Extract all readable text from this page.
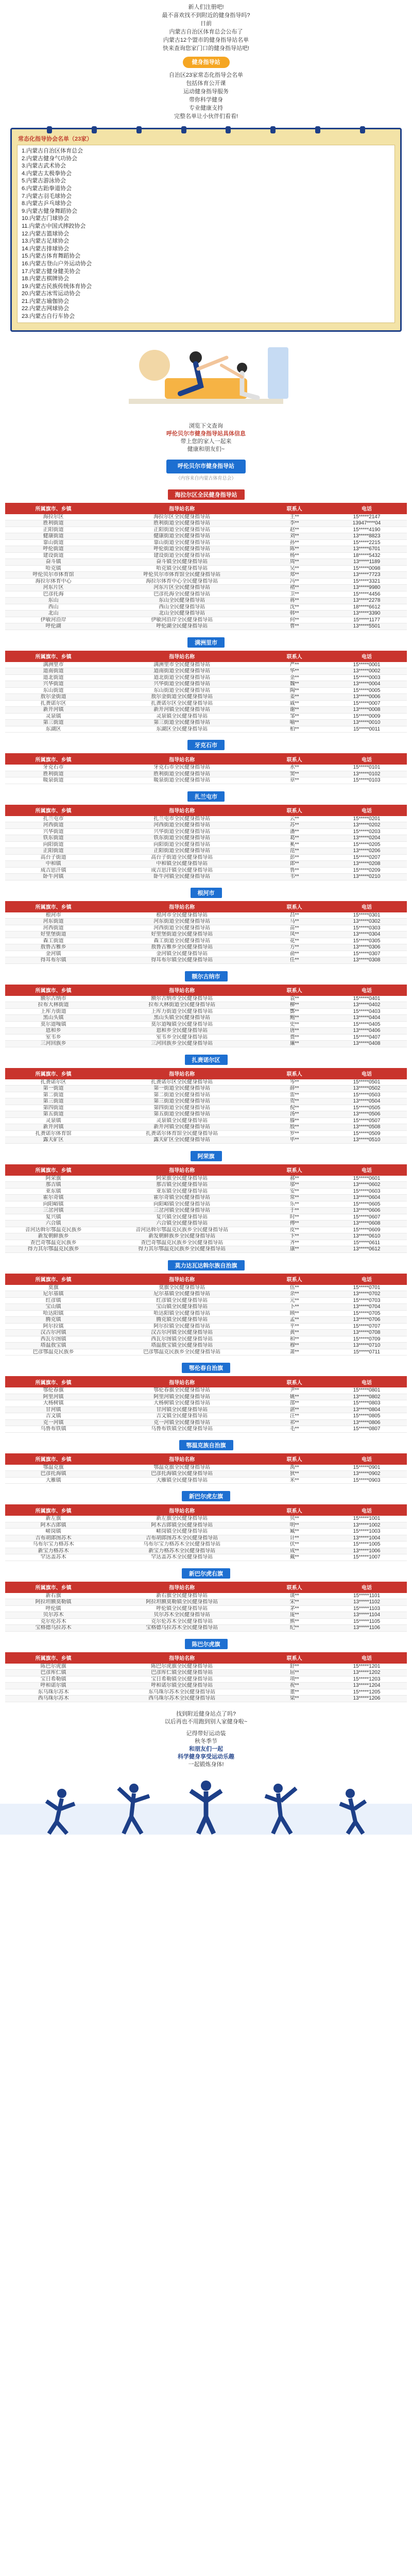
新人们注册吧!

最不喜欢找不到附近的健身指导吗?

日前

内蒙古自治区体育总会公布了

内蒙古12个盟市的健身指导站名单

快来查询您家门口的健身指导站吧!

健身指导站

自治区23家常态化指导会名单

包括体育公开课

运动健身指导服务

带你科学健身

专业健康支持

完整名单让小伙伴们看看!

常态化指导协会名单（23家）
1.内蒙古自治区体育总会
2.内蒙古健身气功协会
3.内蒙古武术协会
4.内蒙古太极拳协会
5.内蒙古游泳协会
6.内蒙古跆拳道协会
7.内蒙古羽毛球协会
8.内蒙古乒乓球协会
9.内蒙古健身舞蹈协会
10.内蒙古门球协会
11.内蒙古中国式摔跤协会
12.内蒙古篮球协会
13.内蒙古足球协会
14.内蒙古排球协会
15.内蒙古体育舞蹈协会
16.内蒙古登山户外运动协会
17.内蒙古健身健美协会
18.内蒙古棋牌协会
19.内蒙古民族传统体育协会
20.内蒙古冰雪运动协会
21.内蒙古瑜伽协会
22.内蒙古网球协会
23.内蒙古自行车协会
浏览下文查询
呼伦贝尔市健身指导站具体信息
带上您的家人一起来
健康和朋友们~
呼伦贝尔市健身指导站
（内容来自内蒙古体育总会）
海拉尔区全民健身指导站
所属旗市、乡镇	指导站名称	联系人	电话
海拉尔区	海拉尔区全民健身指导站	王**	15*****2147
胜利街道	胜利街道全民健身指导站	李**	13947****04
正阳街道	正阳街道全民健身指导站	赵**	15*****4190
健康街道	健康街道全民健身指导站	刘**	13*****8823
靠山街道	靠山街道全民健身指导站	孙**	15*****2215
呼伦街道	呼伦街道全民健身指导站	陈**	13*****6701
建设街道	建设街道全民健身指导站	杨**	18*****5432
奋斗镇	奋斗镇全民健身指导站	周**	13*****1189
哈克镇	哈克镇全民健身指导站	吴**	15*****0098
呼伦贝尔市体育馆	呼伦贝尔市体育馆全民健身指导站	郑**	13*****7723
海拉尔体育中心	海拉尔体育中心全民健身指导站	冯**	15*****3321
河东片区	河东片区全民健身指导站	褚**	13*****9980
巴彦托海	巴彦托海全民健身指导站	卫**	15*****4456
东山	东山全民健身指导站	蒋**	13*****2278
西山	西山全民健身指导站	沈**	18*****6612
北山	北山全民健身指导站	韩**	13*****3390
伊敏河沿岸	伊敏河沿岸全民健身指导站	何**	15*****1177
呼伦湖	呼伦湖全民健身指导站	曹**	13*****5501
满洲里市
所属旗市、乡镇	指导站名称	联系人	电话
满洲里市	满洲里市全民健身指导站	严**	15*****0001
道南街道	道南街道全民健身指导站	华**	13*****0002
道北街道	道北街道全民健身指导站	金**	15*****0003
兴华街道	兴华街道全民健身指导站	魏**	13*****0004
东山街道	东山街道全民健身指导站	陶**	15*****0005
敖尔金街道	敖尔金街道全民健身指导站	姜**	13*****0006
扎赉诺尔区	扎赉诺尔区全民健身指导站	戚**	15*****0007
新开河镇	新开河镇全民健身指导站	谢**	13*****0008
灵泉镇	灵泉镇全民健身指导站	邹**	15*****0009
第三街道	第三街道全民健身指导站	喻**	13*****0010
东湖区	东湖区全民健身指导站	柏**	15*****0011
牙克石市
所属旗市、乡镇	指导站名称	联系人	电话
牙克石市	牙克石市全民健身指导站	水**	15*****0101
胜利街道	胜利街道全民健身指导站	窦**	13*****0102
暖泉街道	暖泉街道全民健身指导站	章**	15*****0103
扎兰屯市
所属旗市、乡镇	指导站名称	联系人	电话
扎兰屯市	扎兰屯市全民健身指导站	云**	15*****0201
河西街道	河西街道全民健身指导站	苏**	13*****0202
兴华街道	兴华街道全民健身指导站	潘**	15*****0203
铁东街道	铁东街道全民健身指导站	葛**	13*****0204
向阳街道	向阳街道全民健身指导站	奚**	15*****0205
正阳街道	正阳街道全民健身指导站	范**	13*****0206
高台子街道	高台子街道全民健身指导站	彭**	15*****0207
中和镇	中和镇全民健身指导站	郎**	13*****0208
成吉思汗镇	成吉思汗镇全民健身指导站	鲁**	15*****0209
卧牛河镇	卧牛河镇全民健身指导站	韦**	13*****0210
根河市
所属旗市、乡镇	指导站名称	联系人	电话
根河市	根河市全民健身指导站	昌**	15*****0301
河东街道	河东街道全民健身指导站	马**	13*****0302
河西街道	河西街道全民健身指导站	苗**	15*****0303
好里堡街道	好里堡街道全民健身指导站	凤**	13*****0304
森工街道	森工街道全民健身指导站	花**	15*****0305
敖鲁古雅乡	敖鲁古雅乡全民健身指导站	方**	13*****0306
金河镇	金河镇全民健身指导站	俞**	15*****0307
得耳布尔镇	得耳布尔镇全民健身指导站	任**	13*****0308
额尔古纳市
所属旗市、乡镇	指导站名称	联系人	电话
额尔古纳市	额尔古纳市全民健身指导站	袁**	15*****0401
拉布大林街道	拉布大林街道全民健身指导站	柳**	13*****0402
上库力街道	上库力街道全民健身指导站	酆**	15*****0403
黑山头镇	黑山头镇全民健身指导站	鲍**	13*****0404
莫尔道嘎镇	莫尔道嘎镇全民健身指导站	史**	15*****0405
恩和乡	恩和乡全民健身指导站	唐**	13*****0406
室韦乡	室韦乡全民健身指导站	费**	15*****0407
三河回族乡	三河回族乡全民健身指导站	廉**	13*****0408
扎赉诺尔区
所属旗市、乡镇	指导站名称	联系人	电话
扎赉诺尔区	扎赉诺尔区全民健身指导站	岑**	15*****0501
第一街道	第一街道全民健身指导站	薛**	13*****0502
第二街道	第二街道全民健身指导站	雷**	15*****0503
第三街道	第三街道全民健身指导站	贺**	13*****0504
第四街道	第四街道全民健身指导站	倪**	15*****0505
第五街道	第五街道全民健身指导站	汤**	13*****0506
灵泉镇	灵泉镇全民健身指导站	滕**	15*****0507
新开河镇	新开河镇全民健身指导站	殷**	13*****0508
扎赉诺尔体育馆	扎赉诺尔体育馆全民健身指导站	罗**	15*****0509
露天矿区	露天矿区全民健身指导站	毕**	13*****0510
阿荣旗
所属旗市、乡镇	指导站名称	联系人	电话
阿荣旗	阿荣旗全民健身指导站	郝**	15*****0601
那吉镇	那吉镇全民健身指导站	邬**	13*****0602
亚东镇	亚东镇全民健身指导站	安**	15*****0603
霍尔奇镇	霍尔奇镇全民健身指导站	常**	13*****0604
向阳峪镇	向阳峪镇全民健身指导站	乐**	15*****0605
三岔河镇	三岔河镇全民健身指导站	于**	13*****0606
复兴镇	复兴镇全民健身指导站	时**	15*****0607
六合镇	六合镇全民健身指导站	傅**	13*****0608
音河达斡尔鄂温克民族乡	音河达斡尔鄂温克民族乡全民健身指导站	皮**	15*****0609
新发朝鲜族乡	新发朝鲜族乡全民健身指导站	卞**	13*****0610
查巴奇鄂温克民族乡	查巴奇鄂温克民族乡全民健身指导站	齐**	15*****0611
得力其尔鄂温克民族乡	得力其尔鄂温克民族乡全民健身指导站	康**	13*****0612
莫力达瓦达斡尔族自治旗
所属旗市、乡镇	指导站名称	联系人	电话
莫旗	莫旗全民健身指导站	伍**	15*****0701
尼尔基镇	尼尔基镇全民健身指导站	余**	13*****0702
红彦镇	红彦镇全民健身指导站	元**	15*****0703
宝山镇	宝山镇全民健身指导站	卜**	13*****0704
哈达阳镇	哈达阳镇全民健身指导站	顾**	15*****0705
腾克镇	腾克镇全民健身指导站	孟**	13*****0706
阿尔拉镇	阿尔拉镇全民健身指导站	平**	15*****0707
汉古尔河镇	汉古尔河镇全民健身指导站	黄**	13*****0708
西瓦尔图镇	西瓦尔图镇全民健身指导站	和**	15*****0709
塔温敖宝镇	塔温敖宝镇全民健身指导站	穆**	13*****0710
巴彦鄂温克民族乡	巴彦鄂温克民族乡全民健身指导站	萧**	15*****0711
鄂伦春自治旗
所属旗市、乡镇	指导站名称	联系人	电话
鄂伦春旗	鄂伦春旗全民健身指导站	尹**	15*****0801
阿里河镇	阿里河镇全民健身指导站	姚**	13*****0802
大杨树镇	大杨树镇全民健身指导站	邵**	15*****0803
甘河镇	甘河镇全民健身指导站	湛**	13*****0804
吉文镇	吉文镇全民健身指导站	汪**	15*****0805
克一河镇	克一河镇全民健身指导站	祁**	13*****0806
乌鲁布铁镇	乌鲁布铁镇全民健身指导站	毛**	15*****0807
鄂温克族自治旗
所属旗市、乡镇	指导站名称	联系人	电话
鄂温克旗	鄂温克旗全民健身指导站	禹**	15*****0901
巴彦托海镇	巴彦托海镇全民健身指导站	狄**	13*****0902
大雁镇	大雁镇全民健身指导站	米**	15*****0903
新巴尔虎左旗
所属旗市、乡镇	指导站名称	联系人	电话
新左旗	新左旗全民健身指导站	贝**	15*****1001
阿木古郎镇	阿木古郎镇全民健身指导站	明**	13*****1002
嵯岗镇	嵯岗镇全民健身指导站	臧**	15*****1003
吉布胡郎图苏木	吉布胡郎图苏木全民健身指导站	计**	13*****1004
乌布尔宝力格苏木	乌布尔宝力格苏木全民健身指导站	伏**	15*****1005
新宝力格苏木	新宝力格苏木全民健身指导站	成**	13*****1006
罕达盖苏木	罕达盖苏木全民健身指导站	戴**	15*****1007
新巴尔虎右旗
所属旗市、乡镇	指导站名称	联系人	电话
新右旗	新右旗全民健身指导站	谈**	15*****1101
阿拉坦额莫勒镇	阿拉坦额莫勒镇全民健身指导站	宋**	13*****1102
呼伦镇	呼伦镇全民健身指导站	茅**	15*****1103
贝尔苏木	贝尔苏木全民健身指导站	庞**	13*****1104
克尔伦苏木	克尔伦苏木全民健身指导站	熊**	15*****1105
宝格德乌拉苏木	宝格德乌拉苏木全民健身指导站	纪**	13*****1106
陈巴尔虎旗
所属旗市、乡镇	指导站名称	联系人	电话
陈巴尔虎旗	陈巴尔虎旗全民健身指导站	舒**	15*****1201
巴彦库仁镇	巴彦库仁镇全民健身指导站	屈**	13*****1202
宝日希勒镇	宝日希勒镇全民健身指导站	项**	15*****1203
呼和诺尔镇	呼和诺尔镇全民健身指导站	祝**	13*****1204
东乌珠尔苏木	东乌珠尔苏木全民健身指导站	董**	15*****1205
西乌珠尔苏木	西乌珠尔苏木全民健身指导站	梁**	13*****1206
找到附近健身站点了吗?
以后再也不用跑到别人家健身啦~
记得带好运动装
秋冬季节
和朋友们一起
科学健身享受运动乐趣
一起锻炼身体!
